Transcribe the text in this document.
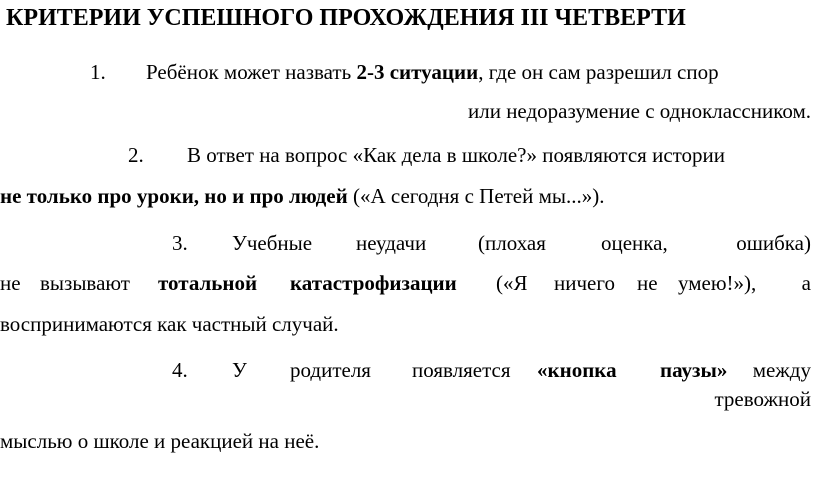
КРИТЕРИИ УСПЕШНОГО ПРОХОЖДЕНИЯ III ЧЕТВЕРТИ
1. Ребёнок может назвать 2-3 ситуации, где он сам разрешил спор
или недоразумение с одноклассником.
2. В ответ на вопрос «Как дела в школе?» появляются истории
не только про уроки, но и про людей («А сегодня с Петей мы...»).
3. Учебные неудачи (плохая	оценка,	ошибка)
не вызывают тотальной катастрофизации («Я ничего не умею!»), а
воспринимаются как частный случай.
4. У родителя появляется «кнопка паузы» между
тревожной
мыслью о школе и реакцией на неё.
